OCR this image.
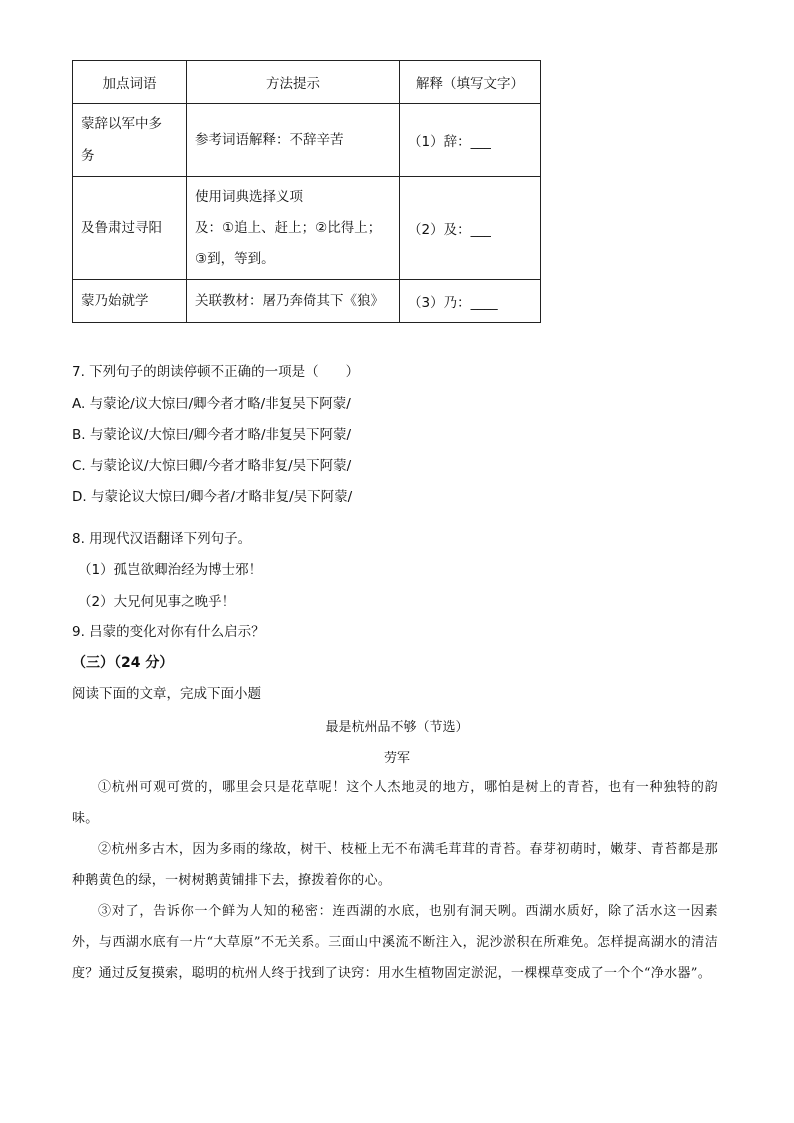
加点词语	方法提示	解释（填写文字）

蒙辞以军中多
务	参考词语解释：不辞辛苦	（1）辞：___

及鲁肃过寻阳	使用词典选择义项
及：①追上、赶上；②比得上；
③到，等到。	（2）及：___

蒙乃始就学	关联教材：屠乃奔倚其下《狼》	（3）乃：____
7. 下列句子的朗读停顿不正确的一项是（　　）
A. 与蒙论/议大惊曰/卿今者才略/非复吴下阿蒙/
B. 与蒙论议/大惊曰/卿今者才略/非复吴下阿蒙/
C. 与蒙论议/大惊曰卿/今者才略非复/吴下阿蒙/
D. 与蒙论议大惊曰/卿今者/才略非复/吴下阿蒙/
8. 用现代汉语翻译下列句子。
（1）孤岂欲卿治经为博士邪！
（2）大兄何见事之晚乎！
9. 吕蒙的变化对你有什么启示？
（三）（24 分）
阅读下面的文章，完成下面小题
最是杭州品不够（节选）
劳军
①杭州可观可赏的，哪里会只是花草呢！这个人杰地灵的地方，哪怕是树上的青苔，也有一种独特的韵味。
②杭州多古木，因为多雨的缘故，树干、枝桠上无不布满毛茸茸的青苔。春芽初萌时，嫩芽、青苔都是那种鹅黄色的绿，一树树鹅黄铺排下去，撩拨着你的心。
③对了，告诉你一个鲜为人知的秘密：连西湖的水底，也别有洞天咧。西湖水质好，除了活水这一因素外，与西湖水底有一片“大草原”不无关系。三面山中溪流不断注入，泥沙淤积在所难免。怎样提高湖水的清洁度？通过反复摸索，聪明的杭州人终于找到了诀窍：用水生植物固定淤泥，一棵棵草变成了一个个“净水器”。
